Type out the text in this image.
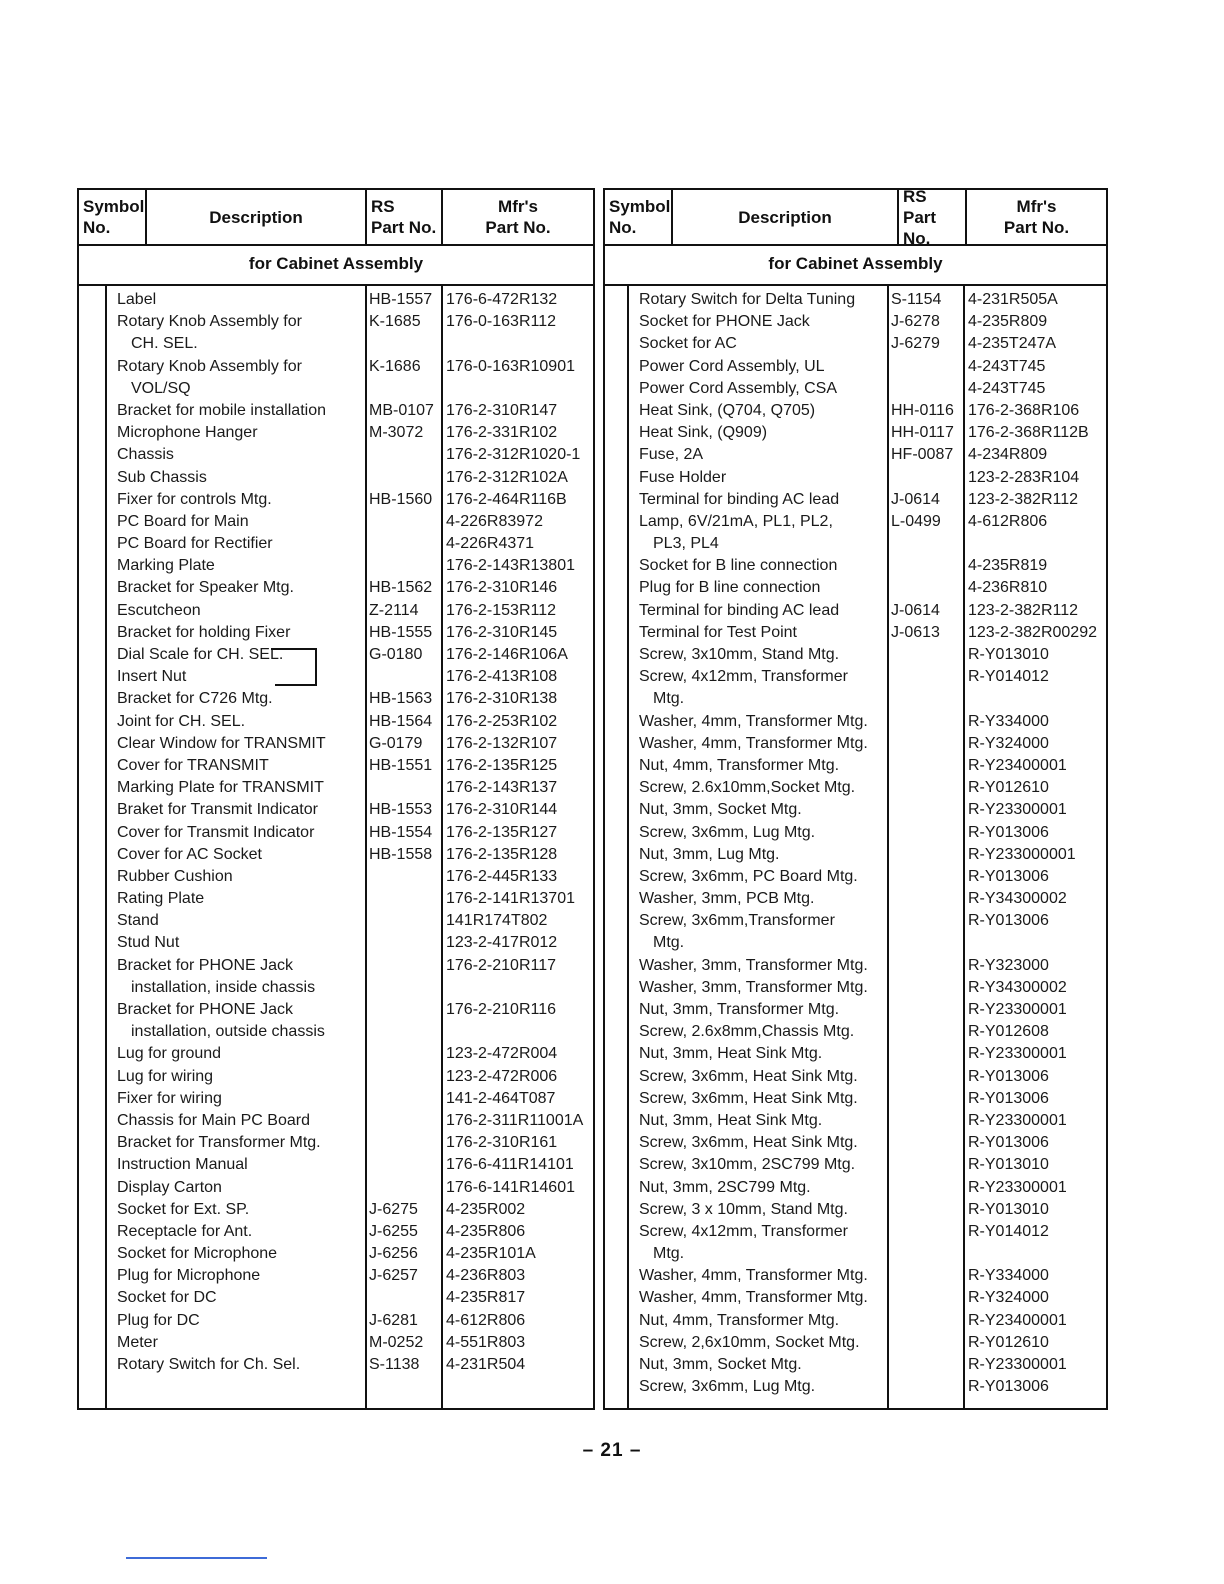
Symbol
No.
Description
RS
Part No.
Mfr's
Part No.
for Cabinet Assembly
Label	HB-1557 176-6-472R132
Rotary Knob Assembly for	K-1685 176-0-163R112
CH. SEL.
Rotary Knob Assembly for	K-1686 176-0-163R10901
VOL/SQ
Bracket for mobile installation	MB-0107 176-2-310R147
Microphone Hanger	M-3072 176-2-331R102
Chassis	176-2-312R1020-1
Sub Chassis	176-2-312R102A
Fixer for controls Mtg.	HB-1560 176-2-464R116B
PC Board for Main	4-226R83972
PC Board for Rectifier	4-226R4371
Marking Plate	176-2-143R13801
Bracket for Speaker Mtg.	HB-1562 176-2-310R146
Escutcheon	Z-2114 176-2-153R112
Bracket for holding Fixer	HB-1555 176-2-310R145
Dial Scale for CH. SEL.	G-0180 176-2-146R106A
Insert Nut	176-2-413R108
Bracket for C726 Mtg.	HB-1563 176-2-310R138
Joint for CH. SEL.	HB-1564 176-2-253R102
Clear Window for TRANSMIT	G-0179 176-2-132R107
Cover for TRANSMIT	HB-1551 176-2-135R125
Marking Plate for TRANSMIT	176-2-143R137
Braket for Transmit Indicator	HB-1553 176-2-310R144
Cover for Transmit Indicator	HB-1554 176-2-135R127
Cover for AC Socket	HB-1558 176-2-135R128
Rubber Cushion	176-2-445R133
Rating Plate	176-2-141R13701
Stand	141R174T802
Stud Nut	123-2-417R012
Bracket for PHONE Jack	176-2-210R117
installation, inside chassis
Bracket for PHONE Jack	176-2-210R116
installation, outside chassis
Lug for ground	123-2-472R004
Lug for wiring	123-2-472R006
Fixer for wiring	141-2-464T087
Chassis for Main PC Board	176-2-311R11001A
Bracket for Transformer Mtg.	176-2-310R161
Instruction Manual	176-6-411R14101
Display Carton	176-6-141R14601
Socket for Ext. SP.	J-6275 4-235R002
Receptacle for Ant.	J-6255 4-235R806
Socket for Microphone	J-6256 4-235R101A
Plug for Microphone	J-6257 4-236R803
Socket for DC	4-235R817
Plug for DC	J-6281 4-612R806
Meter	M-0252 4-551R803
Rotary Switch for Ch. Sel.	S-1138 4-231R504
Symbol
No.
Description
RS
Part No.
Mfr's
Part No.
for Cabinet Assembly
Rotary Switch for Delta Tuning S-1154 4-231R505A
Socket for PHONE Jack	J-6278 4-235R809
Socket for AC	J-6279 4-235T247A
Power Cord Assembly, UL	4-243T745
Power Cord Assembly, CSA	4-243T745
Heat Sink, (Q704, Q705)	HH-0116 176-2-368R106
Heat Sink, (Q909)	HH-0117 176-2-368R112B
Fuse, 2A	HF-0087 4-234R809
Fuse Holder	123-2-283R104
Terminal for binding AC lead	J-0614 123-2-382R112
Lamp, 6V/21mA, PL1, PL2,	L-0499 4-612R806
PL3, PL4
Socket for B line connection	4-235R819
Plug for B line connection	4-236R810
Terminal for binding AC lead	J-0614 123-2-382R112
Terminal for Test Point	J-0613 123-2-382R00292
Screw, 3x10mm, Stand Mtg.	R-Y013010
Screw, 4x12mm, Transformer	R-Y014012
Mtg.
Washer, 4mm, Transformer Mtg.	R-Y334000
Washer, 4mm, Transformer Mtg.	R-Y324000
Nut, 4mm, Transformer Mtg.	R-Y23400001
Screw, 2.6x10mm,Socket Mtg.	R-Y012610
Nut, 3mm, Socket Mtg.	R-Y23300001
Screw, 3x6mm, Lug Mtg.	R-Y013006
Nut, 3mm, Lug Mtg.	R-Y233000001
Screw, 3x6mm, PC Board Mtg.	R-Y013006
Washer, 3mm, PCB Mtg.	R-Y34300002
Screw, 3x6mm,Transformer	R-Y013006
Mtg.
Washer, 3mm, Transformer Mtg.	R-Y323000
Washer, 3mm, Transformer Mtg.	R-Y34300002
Nut, 3mm, Transformer Mtg.	R-Y23300001
Screw, 2.6x8mm,Chassis Mtg.	R-Y012608
Nut, 3mm, Heat Sink Mtg.	R-Y23300001
Screw, 3x6mm, Heat Sink Mtg.	R-Y013006
Screw, 3x6mm, Heat Sink Mtg.	R-Y013006
Nut, 3mm, Heat Sink Mtg.	R-Y23300001
Screw, 3x6mm, Heat Sink Mtg.	R-Y013006
Screw, 3x10mm, 2SC799 Mtg.	R-Y013010
Nut, 3mm, 2SC799 Mtg.	R-Y23300001
Screw, 3 x 10mm, Stand Mtg.	R-Y013010
Screw, 4x12mm, Transformer	R-Y014012
Mtg.
Washer, 4mm, Transformer Mtg.	R-Y334000
Washer, 4mm, Transformer Mtg.	R-Y324000
Nut, 4mm, Transformer Mtg.	R-Y23400001
Screw, 2,6x10mm, Socket Mtg.	R-Y012610
Nut, 3mm, Socket Mtg.	R-Y23300001
Screw, 3x6mm, Lug Mtg.	R-Y013006
– 21 –
